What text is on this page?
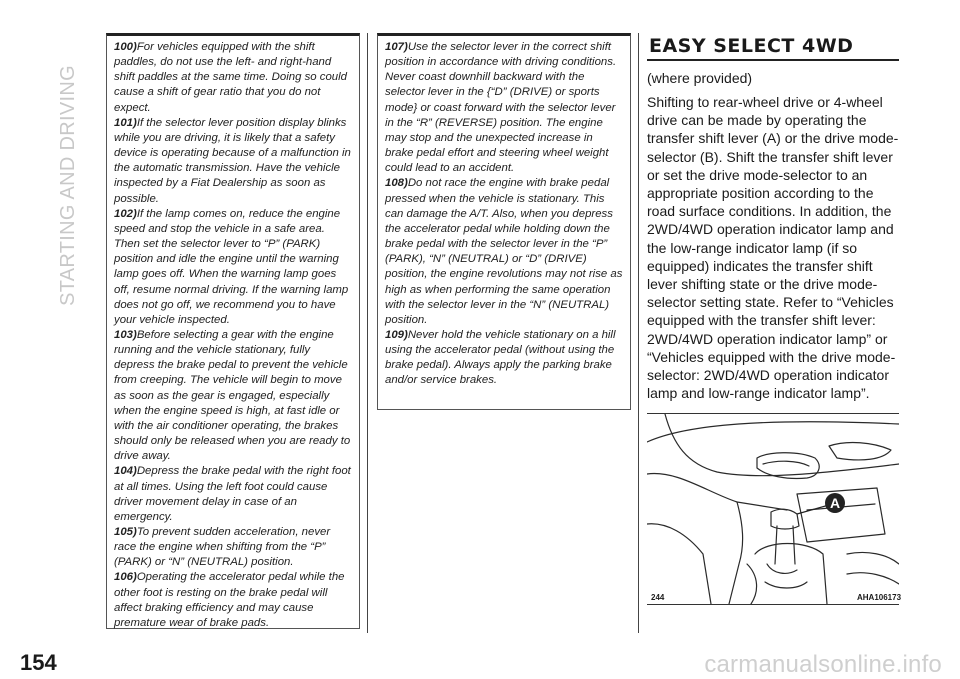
STARTING AND DRIVING
154

100)For vehicles equipped with the shift paddles, do not use the left- and right-hand shift paddles at the same time. Doing so could cause a shift of gear ratio that you do not expect.

101)If the selector lever position display blinks while you are driving, it is likely that a safety device is operating because of a malfunction in the automatic transmission. Have the vehicle inspected by a Fiat Dealership as soon as possible.

102)If the lamp comes on, reduce the engine speed and stop the vehicle in a safe area. Then set the selector lever to “P” (PARK) position and idle the engine until the warning lamp goes off. When the warning lamp goes off, resume normal driving. If the warning lamp does not go off, we recommend you to have your vehicle inspected.

103)Before selecting a gear with the engine running and the vehicle stationary, fully depress the brake pedal to prevent the vehicle from creeping. The vehicle will begin to move as soon as the gear is engaged, especially when the engine speed is high, at fast idle or with the air conditioner operating, the brakes should only be released when you are ready to drive away.

104)Depress the brake pedal with the right foot at all times. Using the left foot could cause driver movement delay in case of an emergency.

105)To prevent sudden acceleration, never race the engine when shifting from the “P” (PARK) or “N” (NEUTRAL) position.

106)Operating the accelerator pedal while the other foot is resting on the brake pedal will affect braking efficiency and may cause premature wear of brake pads.

107)Use the selector lever in the correct shift position in accordance with driving conditions. Never coast downhill backward with the selector lever in the {“D” (DRIVE) or sports mode} or coast forward with the selector lever in the “R” (REVERSE) position. The engine may stop and the unexpected increase in brake pedal effort and steering wheel weight could lead to an accident.

108)Do not race the engine with brake pedal pressed when the vehicle is stationary. This can damage the A/T. Also, when you depress the accelerator pedal while holding down the brake pedal with the selector lever in the “P” (PARK), “N” (NEUTRAL) or “D” (DRIVE) position, the engine revolutions may not rise as high as when performing the same operation with the selector lever in the “N” (NEUTRAL) position.

109)Never hold the vehicle stationary on a hill using the accelerator pedal (without using the brake pedal). Always apply the parking brake and/or service brakes.

EASY SELECT 4WD
(where provided)
Shifting to rear-wheel drive or 4-wheel drive can be made by operating the transfer shift lever (A) or the drive mode-selector (B). Shift the transfer shift lever or set the drive mode-selector to an appropriate position according to the road surface conditions. In addition, the 2WD/4WD operation indicator lamp and the low-range indicator lamp (if so equipped) indicates the transfer shift lever shifting state or the drive mode-selector setting state. Refer to “Vehicles equipped with the transfer shift lever: 2WD/4WD operation indicator lamp” or “Vehicles equipped with the drive mode-selector: 2WD/4WD operation indicator lamp and low-range indicator lamp”.
A
244	AHA106173
carmanualsonline.info
